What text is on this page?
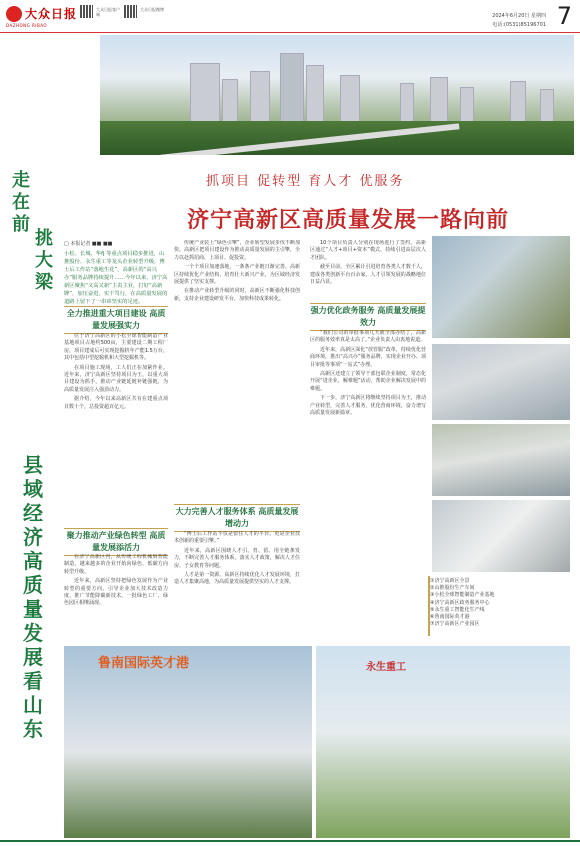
大众日报
DAZHONG RIBAO
大众日报客户端
大众日报微博
2024年6月20日 星期四
电话:(0531)85196701 7
走在前
挑大梁
县域经济高质量发展看山东
抓项目 促转型 育人才 优服务
济宁高新区高质量发展一路向前
□ 本报记者 ■■ ■■
小松、长城、华fj 等重点项目稳步推进，山推股份、永生重工等龙头企业转型升级，博士后工作站“落地生花”，高新区的“高兴办”服务品牌持续提升……今年以来，济宁高新区聚焦“又高又新”主责主业，打好“高新牌”，加压奋进，实干笃行，在高质量发展的道路上留下了一串串坚实的足迹。
全力推进重大项目建设 高质量发展强实力

位于济宁高新区的小松全球智能制造产业基地项目占地约500亩，主要建设二期工程厂房，项目建成后可实现挖掘机年产能1.5万台，其中包括中型挖掘机和大型挖掘机等。

在项目施工现场，工人们正在加紧作业。近年来，济宁高新区坚持项目为王，以重大项目建设为抓手，推动产业链延链补链强链，为高质量发展注入强劲动力。

据介绍，今年以来高新区共有在建重点项目数十个，总投资超百亿元。

聚力推动产业绿色转型 高质量发展添活力

在济宁高新区内，从传统工程机械到智能制造，越来越多的企业开始向绿色、低碳方向转型升级。

近年来，高新区坚持把绿色发展作为产业转型的重要方向，引导企业加大技术改造力度，推广节能降碳新技术，一批绿色工厂、绿色园区相继涌现。

传统产业装上“绿色引擎”，企业转型发展步伐不断加快。高新区把项目建设作为推动高质量发展的主引擎，全力以赴抓招商、上项目、促投资。

一个个项目加速落地，一条条产业链日渐完善。高新区持续优化产业结构，培育壮大新兴产业，为区域经济发展提供了坚实支撑。

在推动产业转型升级的同时，高新区不断强化科技创新，支持企业建设研发平台，加快科技成果转化。

大力完善人才服务体系 高质量发展增动力

“博士后工作站不仅是留住人才的平台，更是企业技术创新的重要引擎。”

近年来，高新区围绕人才引、育、留、用全链条发力，不断完善人才服务体系，落实人才政策，解决人才住房、子女教育等问题。

人才是第一资源。高新区持续优化人才发展环境，打造人才集聚高地，为高质量发展提供坚实的人才支撑。

10个项目负责人分别在现场进行了签约。高新区通过“人才+项目+资本”模式，持续引进高层次人才团队。

截至目前，全区累计引进培育各类人才数千人，建成各类创新平台百余家，人才引领发展的战略地位日益凸显。

强力优化政务服务 高质量发展提效力

“我们公司的审批事项几天就全部办结了，高新区的服务效率真是太高了。”企业负责人由衷地说道。

近年来，高新区深化“放管服”改革，持续优化营商环境，推出“高兴办”服务品牌，实现企业开办、项目审批等事项“一站式”办理。

高新区还建立了领导干部包联企业制度，常态化开展“进企业、解难题”活动，帮助企业解决发展中的难题。

下一步，济宁高新区将继续坚持项目为王，推动产业转型，完善人才服务，优化营商环境，奋力谱写高质量发展新篇章。

①济宁高新区全景
②山推股份生产车间
③小松全球智能制造产业基地
④济宁高新区政务服务中心
⑤永生重工智能化生产线
⑥鲁南国际英才港
⑦济宁高新区产业园区
鲁南国际英才港	永生重工
